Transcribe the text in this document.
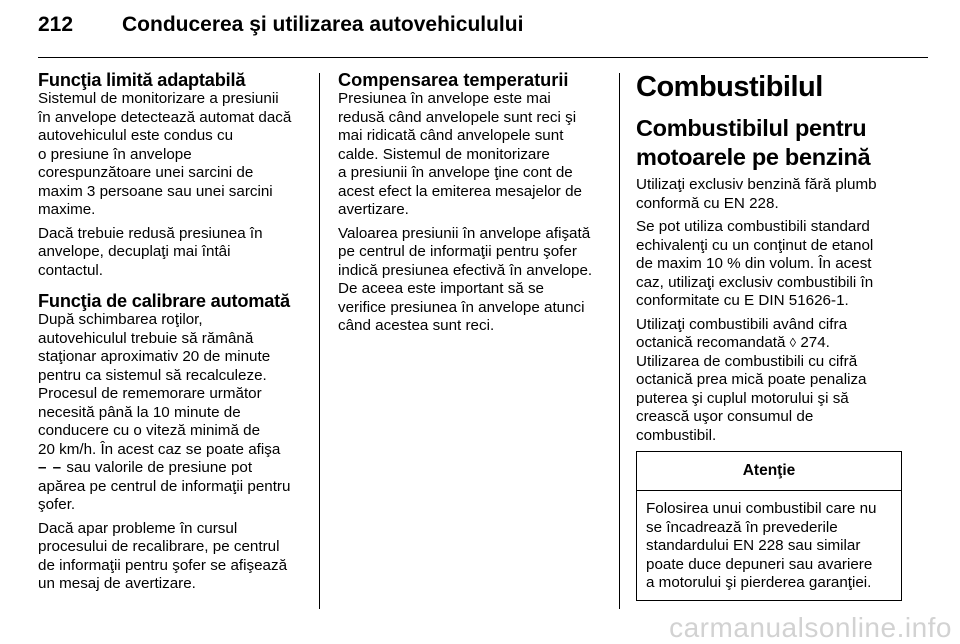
212 Conducerea şi utilizarea autovehiculului
Funcţia limită adaptabilă

Sistemul de monitorizare a presiunii
în anvelope detectează automat dacă
autovehiculul este condus cu
o presiune în anvelope
corespunzătoare unei sarcini de
maxim 3 persoane sau unei sarcini
maxime.

Dacă trebuie redusă presiunea în
anvelope, decuplaţi mai întâi
contactul.

Funcţia de calibrare automată

După schimbarea roţilor,
autovehiculul trebuie să rămână
staţionar aproximativ 20 de minute
pentru ca sistemul să recalculeze.
Procesul de rememorare următor
necesită până la 10 minute de
conducere cu o viteză minimă de
20 km/h. În acest caz se poate afişa
– – sau valorile de presiune pot
apărea pe centrul de informaţii pentru
şofer.

Dacă apar probleme în cursul
procesului de recalibrare, pe centrul
de informaţii pentru şofer se afişează
un mesaj de avertizare.

Compensarea temperaturii

Presiunea în anvelope este mai
redusă când anvelopele sunt reci şi
mai ridicată când anvelopele sunt
calde. Sistemul de monitorizare
a presiunii în anvelope ţine cont de
acest efect la emiterea mesajelor de
avertizare.

Valoarea presiunii în anvelope afişată
pe centrul de informaţii pentru şofer
indică presiunea efectivă în anvelope.
De aceea este important să se
verifice presiunea în anvelope atunci
când acestea sunt reci.

Combustibilul
Combustibilul pentru
motoarele pe benzină

Utilizaţi exclusiv benzină fără plumb
conformă cu EN 228.

Se pot utiliza combustibili standard
echivalenţi cu un conţinut de etanol
de maxim 10 % din volum. În acest
caz, utilizaţi exclusiv combustibili în
conformitate cu E DIN 51626-1.

Utilizaţi combustibili având cifra
octanică recomandată ◊ 274.
Utilizarea de combustibili cu cifră
octanică prea mică poate penaliza
puterea şi cuplul motorului şi să
crească uşor consumul de
combustibil.

Atenţie
Folosirea unui combustibil care nu
se încadrează în prevederile
standardului EN 228 sau similar
poate duce depuneri sau avariere
a motorului şi pierderea garanţiei.
carmanualsonline.info
